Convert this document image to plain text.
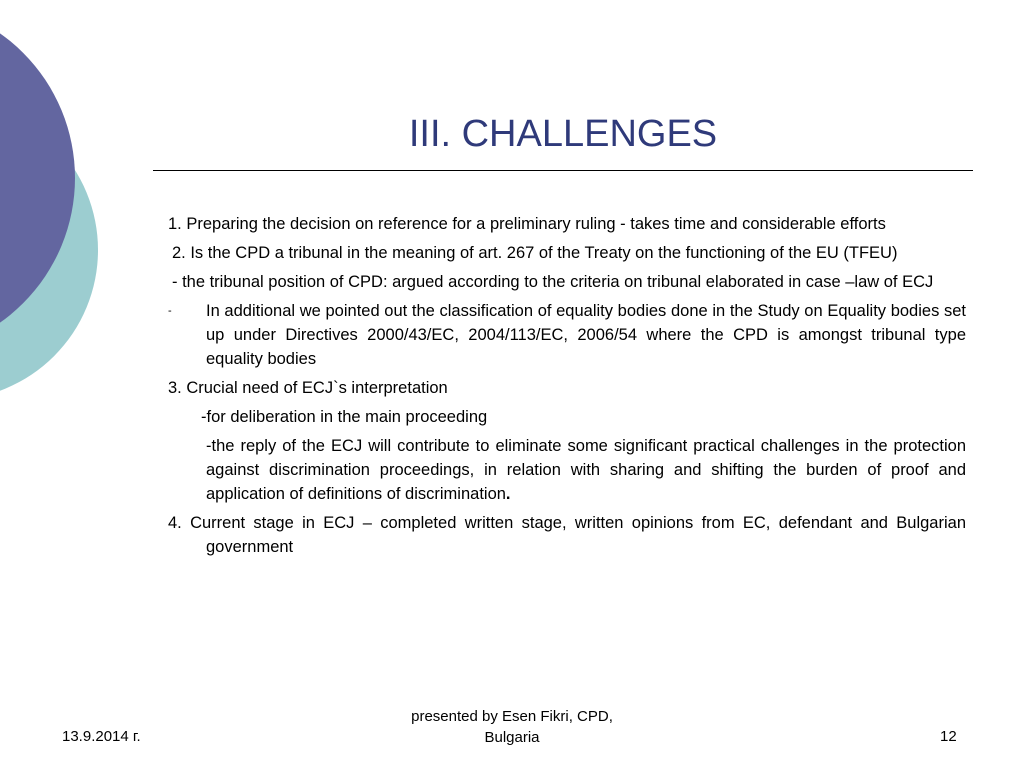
III. CHALLENGES

1. Preparing the decision on reference for a preliminary ruling - takes time and considerable efforts

2. Is the CPD a tribunal in the meaning of art. 267 of the Treaty on the functioning of the EU (TFEU)

- the tribunal position of CPD: argued according to the criteria on tribunal elaborated in case –law of ECJ

- In additional we pointed out the classification of equality bodies done in the Study on Equality bodies set up under Directives 2000/43/EC, 2004/113/EC, 2006/54 where the CPD is amongst tribunal type equality bodies

3. Crucial need of ECJ`s interpretation

-for deliberation in the main proceeding

-the reply of the ECJ will contribute to eliminate some significant practical challenges in the protection against discrimination proceedings, in relation with sharing and shifting the burden of proof and application of definitions of discrimination.

4. Current stage in ECJ – completed written stage, written opinions from EC, defendant and Bulgarian government

13.9.2014 г.
presented by Esen Fikri, CPD,
Bulgaria	12
